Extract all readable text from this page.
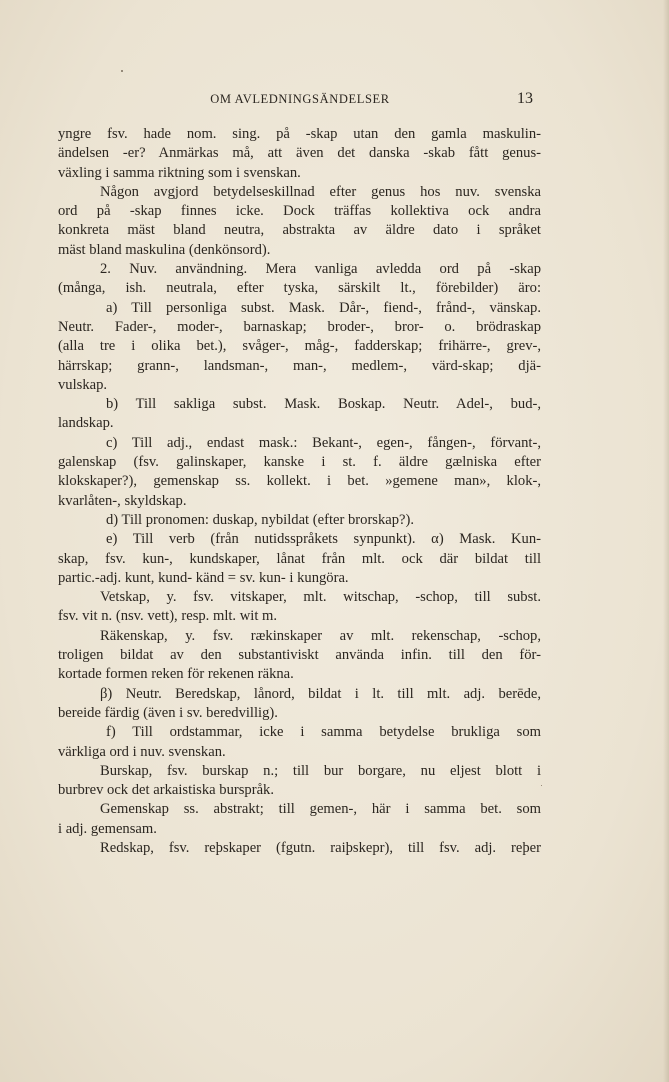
OM AVLEDNINGSÄNDELSER	13
yngre fsv. hade nom. sing. på -skap utan den gamla maskulin-
ändelsen -er? Anmärkas må, att även det danska -skab fått genus-
växling i samma riktning som i svenskan.
Någon avgjord betydelseskillnad efter genus hos nuv. svenska
ord på -skap finnes icke. Dock träffas kollektiva ock andra
konkreta mäst bland neutra, abstrakta av äldre dato i språket
mäst bland maskulina (denkönsord).
2. Nuv. användning. Mera vanliga avledda ord på -skap
(många, ish. neutrala, efter tyska, särskilt lt., förebilder) äro:
a) Till personliga subst. Mask. Dår-, fiend-, frånd-, vänskap.
Neutr. Fader-, moder-, barnaskap; broder-, bror- o. brödraskap
(alla tre i olika bet.), svåger-, måg-, fadderskap; frihärre-, grev-,
härrskap; grann-, landsman-, man-, medlem-, värd-skap; djä-
vulskap.
b) Till sakliga subst. Mask. Boskap. Neutr. Adel-, bud-,
landskap.
c) Till adj., endast mask.: Bekant-, egen-, fången-, förvant-,
galenskap (fsv. galinskaper, kanske i st. f. äldre gælniska efter
klokskaper?), gemenskap ss. kollekt. i bet. »gemene man», klok-,
kvarlåten-, skyldskap.
d) Till pronomen: duskap, nybildat (efter brorskap?).
e) Till verb (från nutidsspråkets synpunkt). α) Mask. Kun-
skap, fsv. kun-, kundskaper, lånat från mlt. ock där bildat till
partic.-adj. kunt, kund- känd = sv. kun- i kungöra.
Vetskap, y. fsv. vitskaper, mlt. witschap, -schop, till subst.
fsv. vit n. (nsv. vett), resp. mlt. wit m.
Räkenskap, y. fsv. rækinskaper av mlt. rekenschap, -schop,
troligen bildat av den substantiviskt använda infin. till den för-
kortade formen reken för rekenen räkna.
β) Neutr. Beredskap, lånord, bildat i lt. till mlt. adj. berēde,
bereide färdig (även i sv. beredvillig).
f) Till ordstammar, icke i samma betydelse brukliga som
värkliga ord i nuv. svenskan.
Burskap, fsv. burskap n.; till bur borgare, nu eljest blott i
burbrev ock det arkaistiska burspråk.
Gemenskap ss. abstrakt; till gemen-, här i samma bet. som
i adj. gemensam.
Redskap, fsv. reþskaper (fgutn. raiþskepr), till fsv. adj. reþer
